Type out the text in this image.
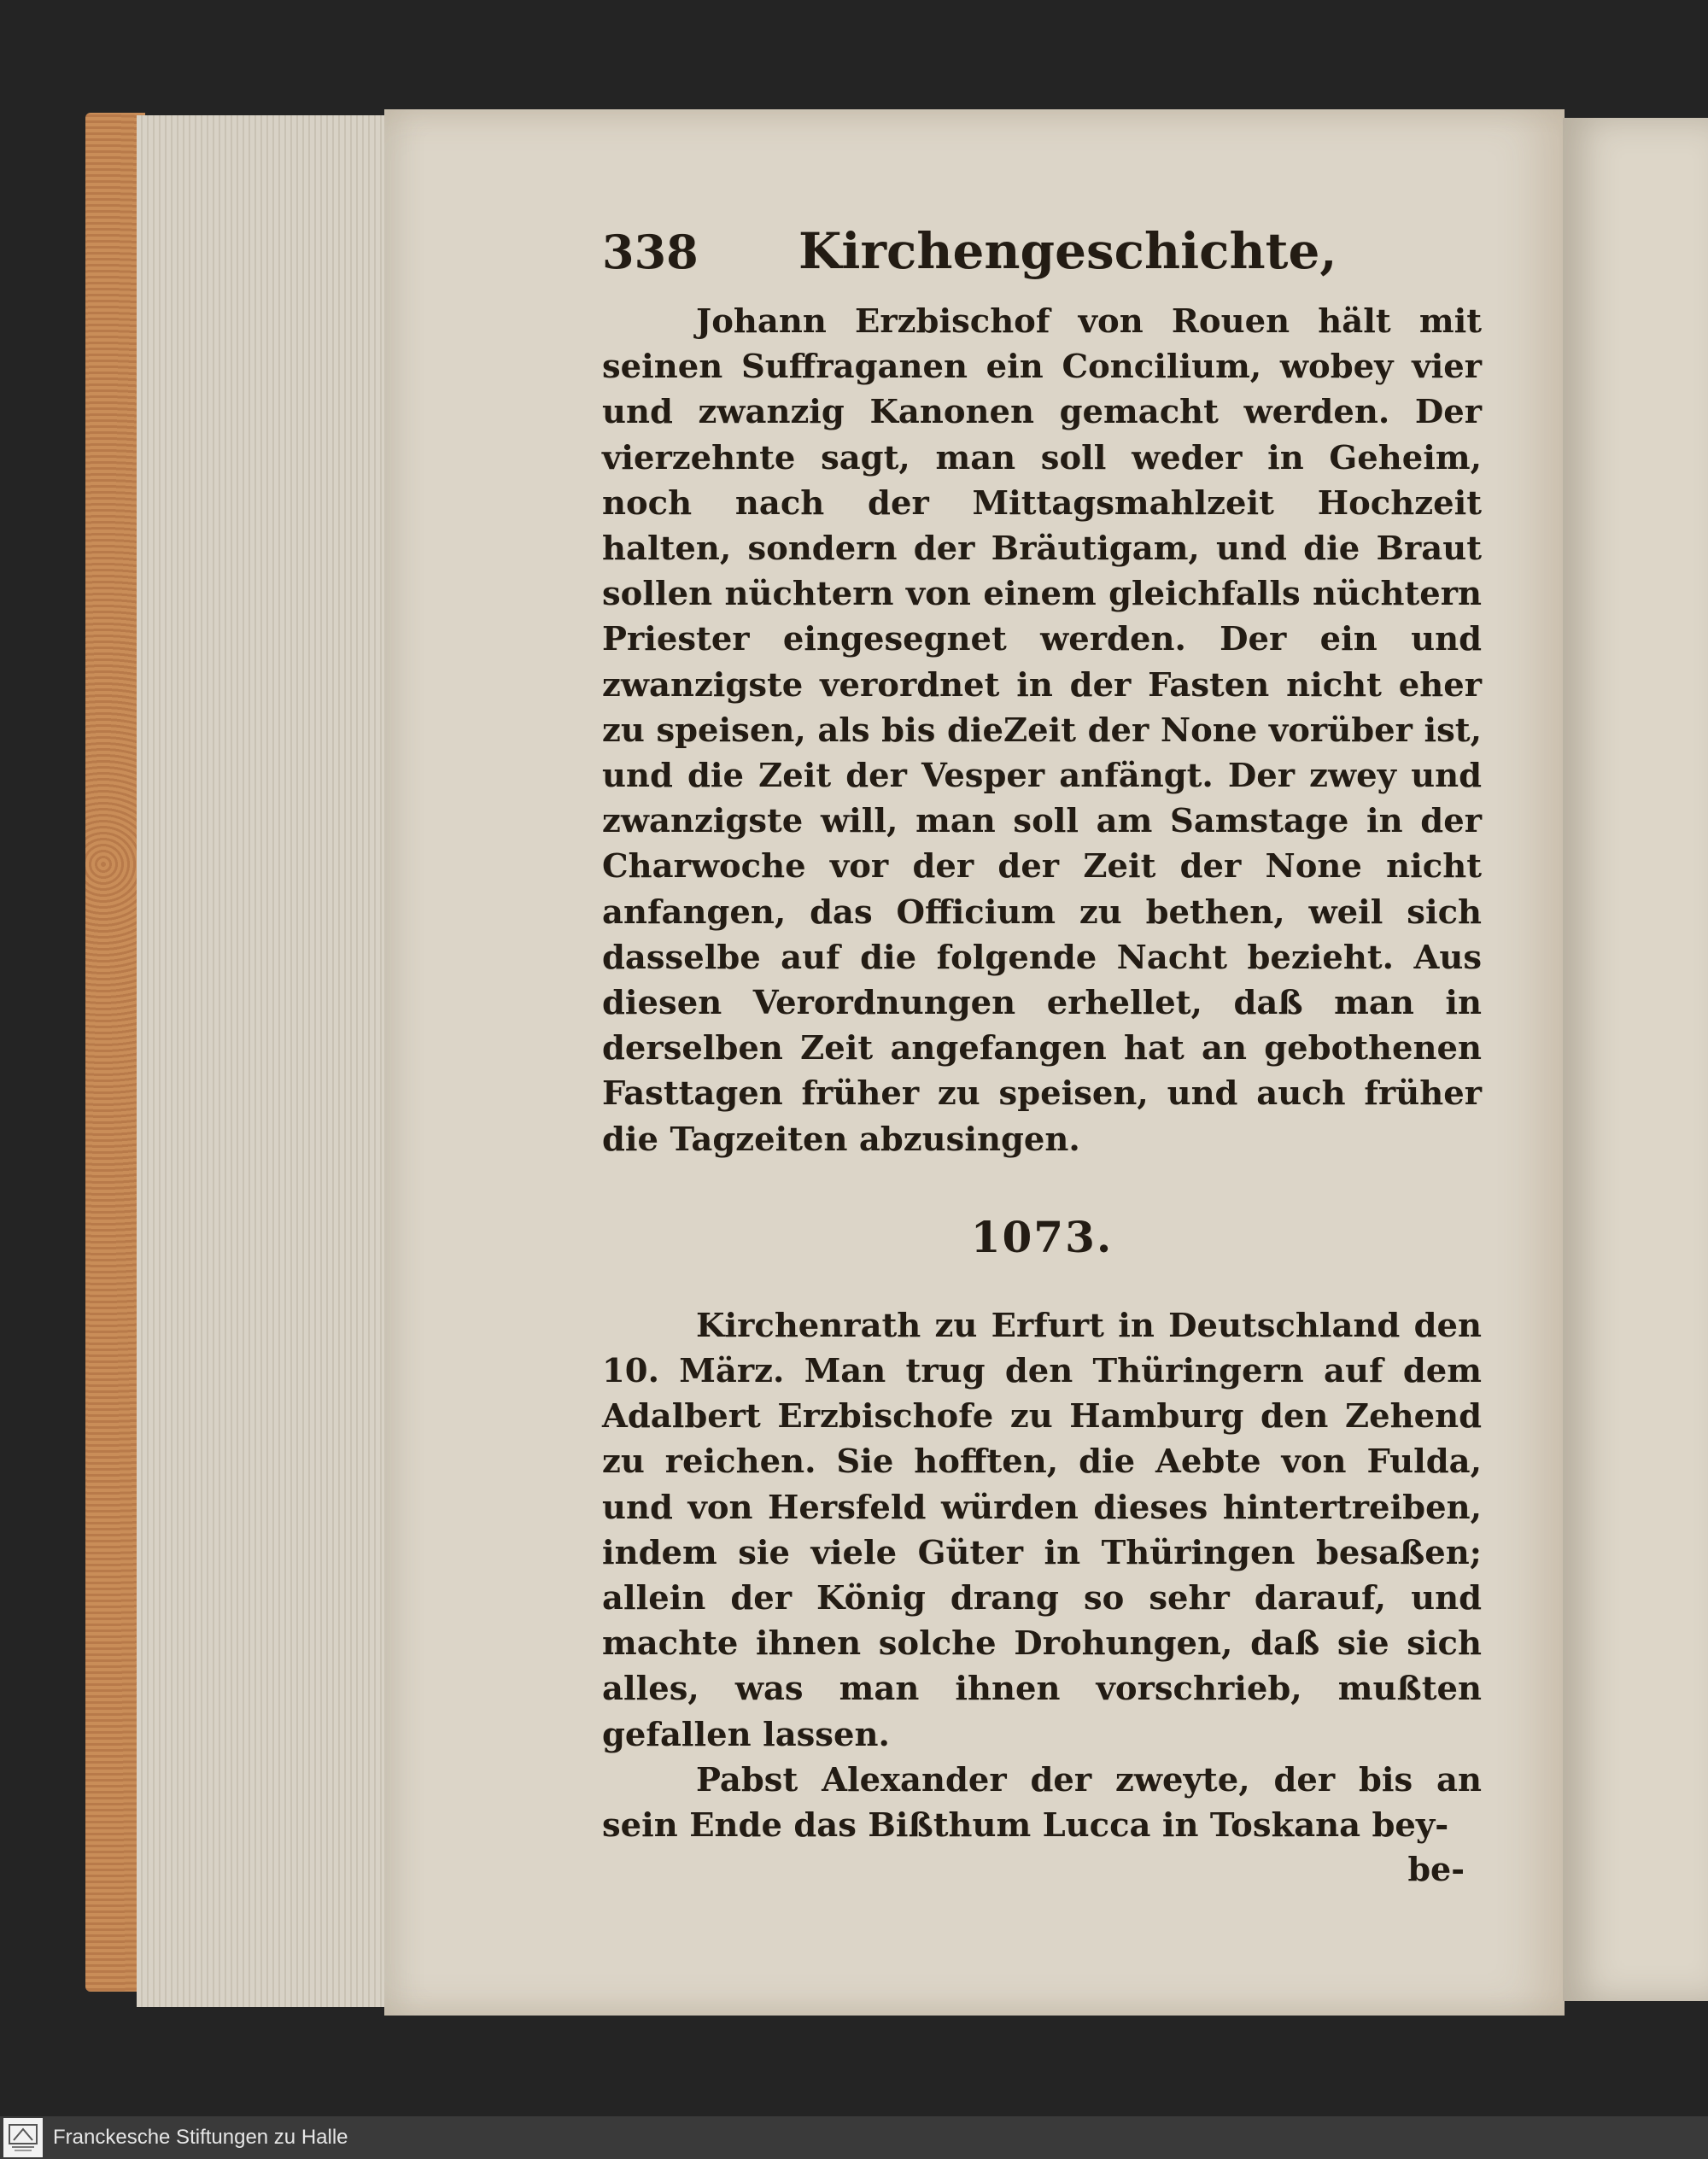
338	Kirchengeschichte,

Johann Erzbischof von Rouen hält mit seinen Suffraganen ein Concilium, wobey vier und zwanzig Kanonen gemacht werden. Der vierzehnte sagt, man soll weder in Geheim, noch nach der Mittagsmahlzeit Hochzeit halten, sondern der Bräutigam, und die Braut sollen nüchtern von einem gleichfalls nüchtern Priester eingesegnet werden. Der ein und zwanzigste verordnet in der Fasten nicht eher zu speisen, als bis dieZeit der None vorüber ist, und die Zeit der Vesper anfängt. Der zwey und zwanzigste will, man soll am Samstage in der Charwoche vor der der Zeit der None nicht anfangen, das Officium zu bethen, weil sich dasselbe auf die folgende Nacht bezieht. Aus diesen Verordnungen erhellet, daß man in derselben Zeit angefangen hat an gebothenen Fasttagen früher zu speisen, und auch früher die Tagzeiten abzusingen.

1073.

Kirchenrath zu Erfurt in Deutschland den 10. März. Man trug den Thüringern auf dem Adalbert Erzbischofe zu Hamburg den Zehend zu reichen. Sie hofften, die Aebte von Fulda, und von Hersfeld würden dieses hintertreiben, indem sie viele Güter in Thüringen besaßen; allein der König drang so sehr darauf, und machte ihnen solche Drohungen, daß sie sich alles, was man ihnen vorschrieb, mußten gefallen lassen.

Pabst Alexander der zweyte, der bis an sein Ende das Bißthum Lucca in Toskana bey-

be-
Franckesche Stiftungen zu Halle
